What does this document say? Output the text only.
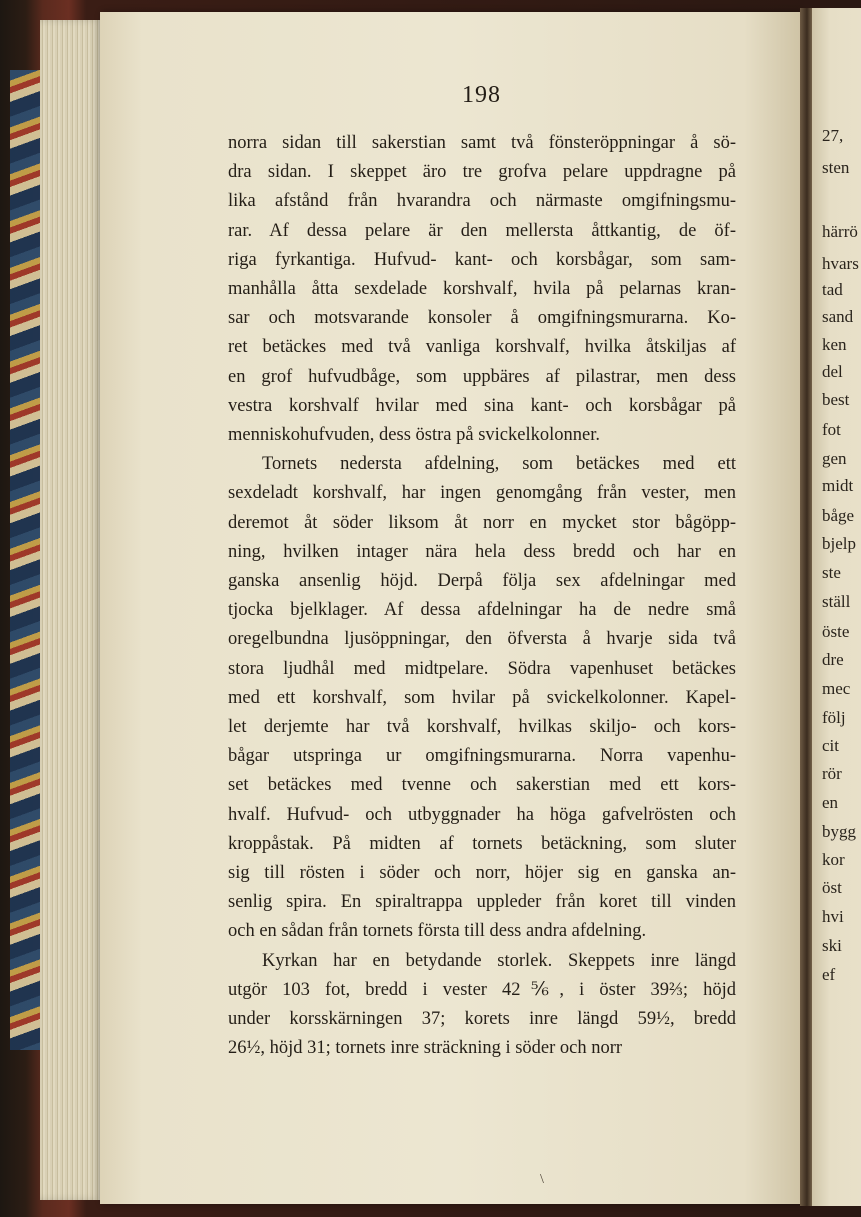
27,
sten
härrö
hvars
tad
sand
ken
del
best
fot
gen
midt
båge
bjelp
ste
ställ
öste
dre
mec
följ
cit
rör
en
bygg
kor
öst
hvi
ski
ef
198
norra sidan till sakerstian samt två fönsteröppningar å sö-
dra sidan. I skeppet äro tre grofva pelare uppdragne på
lika afstånd från hvarandra och närmaste omgifningsmu-
rar. Af dessa pelare är den mellersta åttkantig, de öf-
riga fyrkantiga. Hufvud- kant- och korsbågar, som sam-
manhålla åtta sexdelade korshvalf, hvila på pelarnas kran-
sar och motsvarande konsoler å omgifningsmurarna. Ko-
ret betäckes med två vanliga korshvalf, hvilka åtskiljas af
en grof hufvudbåge, som uppbäres af pilastrar, men dess
vestra korshvalf hvilar med sina kant- och korsbågar på
menniskohufvuden, dess östra på svickelkolonner.
Tornets nedersta afdelning, som betäckes med ett
sexdeladt korshvalf, har ingen genomgång från vester, men
deremot åt söder liksom åt norr en mycket stor bågöpp-
ning, hvilken intager nära hela dess bredd och har en
ganska ansenlig höjd. Derpå följa sex afdelningar med
tjocka bjelklager. Af dessa afdelningar ha de nedre små
oregelbundna ljusöppningar, den öfversta å hvarje sida två
stora ljudhål med midtpelare. Södra vapenhuset betäckes
med ett korshvalf, som hvilar på svickelkolonner. Kapel-
let derjemte har två korshvalf, hvilkas skiljo- och kors-
bågar utspringa ur omgifningsmurarna. Norra vapenhu-
set betäckes med tvenne och sakerstian med ett kors-
hvalf. Hufvud- och utbyggnader ha höga gafvelrösten och
kroppåstak. På midten af tornets betäckning, som sluter
sig till rösten i söder och norr, höjer sig en ganska an-
senlig spira. En spiraltrappa uppleder från koret till vinden
och en sådan från tornets första till dess andra afdelning.
Kyrkan har en betydande storlek. Skeppets inre längd
utgör 103 fot, bredd i vester 42⅚, i öster 39⅔; höjd
under korsskärningen 37; korets inre längd 59½, bredd
26½, höjd 31; tornets inre sträckning i söder och norr
\
